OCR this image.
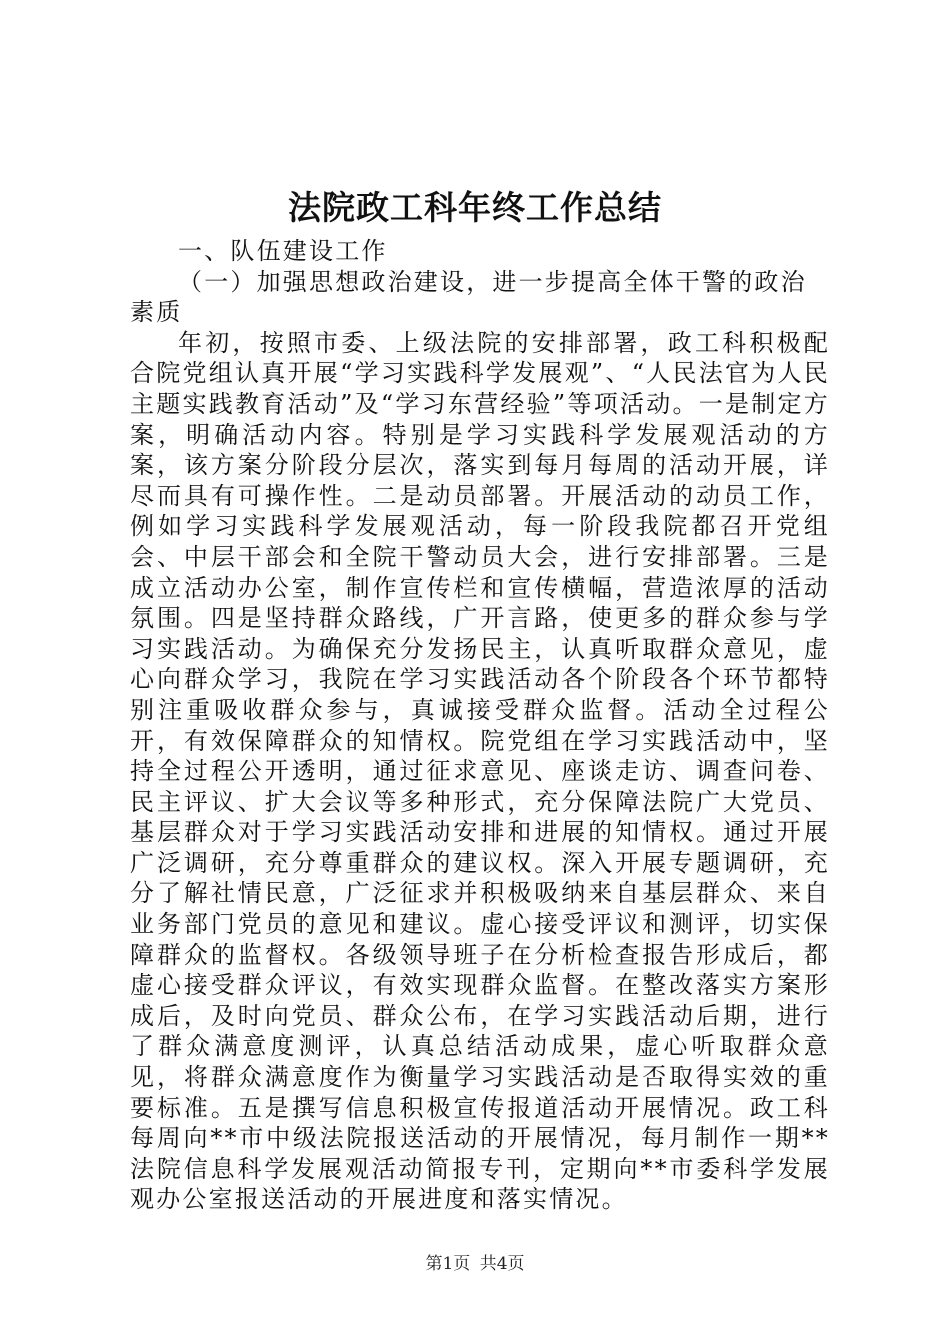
法院政工科年终工作总结

一、队伍建设工作

（一）加强思想政治建设，进一步提高全体干警的政治素质

年初，按照市委、上级法院的安排部署，政工科积极配合院党组认真开展“学习实践科学发展观”、“人民法官为人民主题实践教育活动”及“学习东营经验”等项活动。一是制定方案，明确活动内容。特别是学习实践科学发展观活动的方案，该方案分阶段分层次，落实到每月每周的活动开展，详尽而具有可操作性。二是动员部署。开展活动的动员工作，例如学习实践科学发展观活动，每一阶段我院都召开党组会、中层干部会和全院干警动员大会，进行安排部署。三是成立活动办公室，制作宣传栏和宣传横幅，营造浓厚的活动氛围。四是坚持群众路线，广开言路，使更多的群众参与学习实践活动。为确保充分发扬民主，认真听取群众意见，虚心向群众学习，我院在学习实践活动各个阶段各个环节都特别注重吸收群众参与，真诚接受群众监督。活动全过程公开，有效保障群众的知情权。院党组在学习实践活动中，坚持全过程公开透明，通过征求意见、座谈走访、调查问卷、民主评议、扩大会议等多种形式，充分保障法院广大党员、基层群众对于学习实践活动安排和进展的知情权。通过开展广泛调研，充分尊重群众的建议权。深入开展专题调研，充分了解社情民意，广泛征求并积极吸纳来自基层群众、来自业务部门党员的意见和建议。虚心接受评议和测评，切实保障群众的监督权。各级领导班子在分析检查报告形成后，都虚心接受群众评议，有效实现群众监督。在整改落实方案形成后，及时向党员、群众公布，在学习实践活动后期，进行了群众满意度测评，认真总结活动成果，虚心听取群众意见，将群众满意度作为衡量学习实践活动是否取得实效的重要标准。五是撰写信息积极宣传报道活动开展情况。政工科每周向**市中级法院报送活动的开展情况，每月制作一期**法院信息科学发展观活动简报专刊，定期向**市委科学发展观办公室报送活动的开展进度和落实情况。

第1页 共4页
